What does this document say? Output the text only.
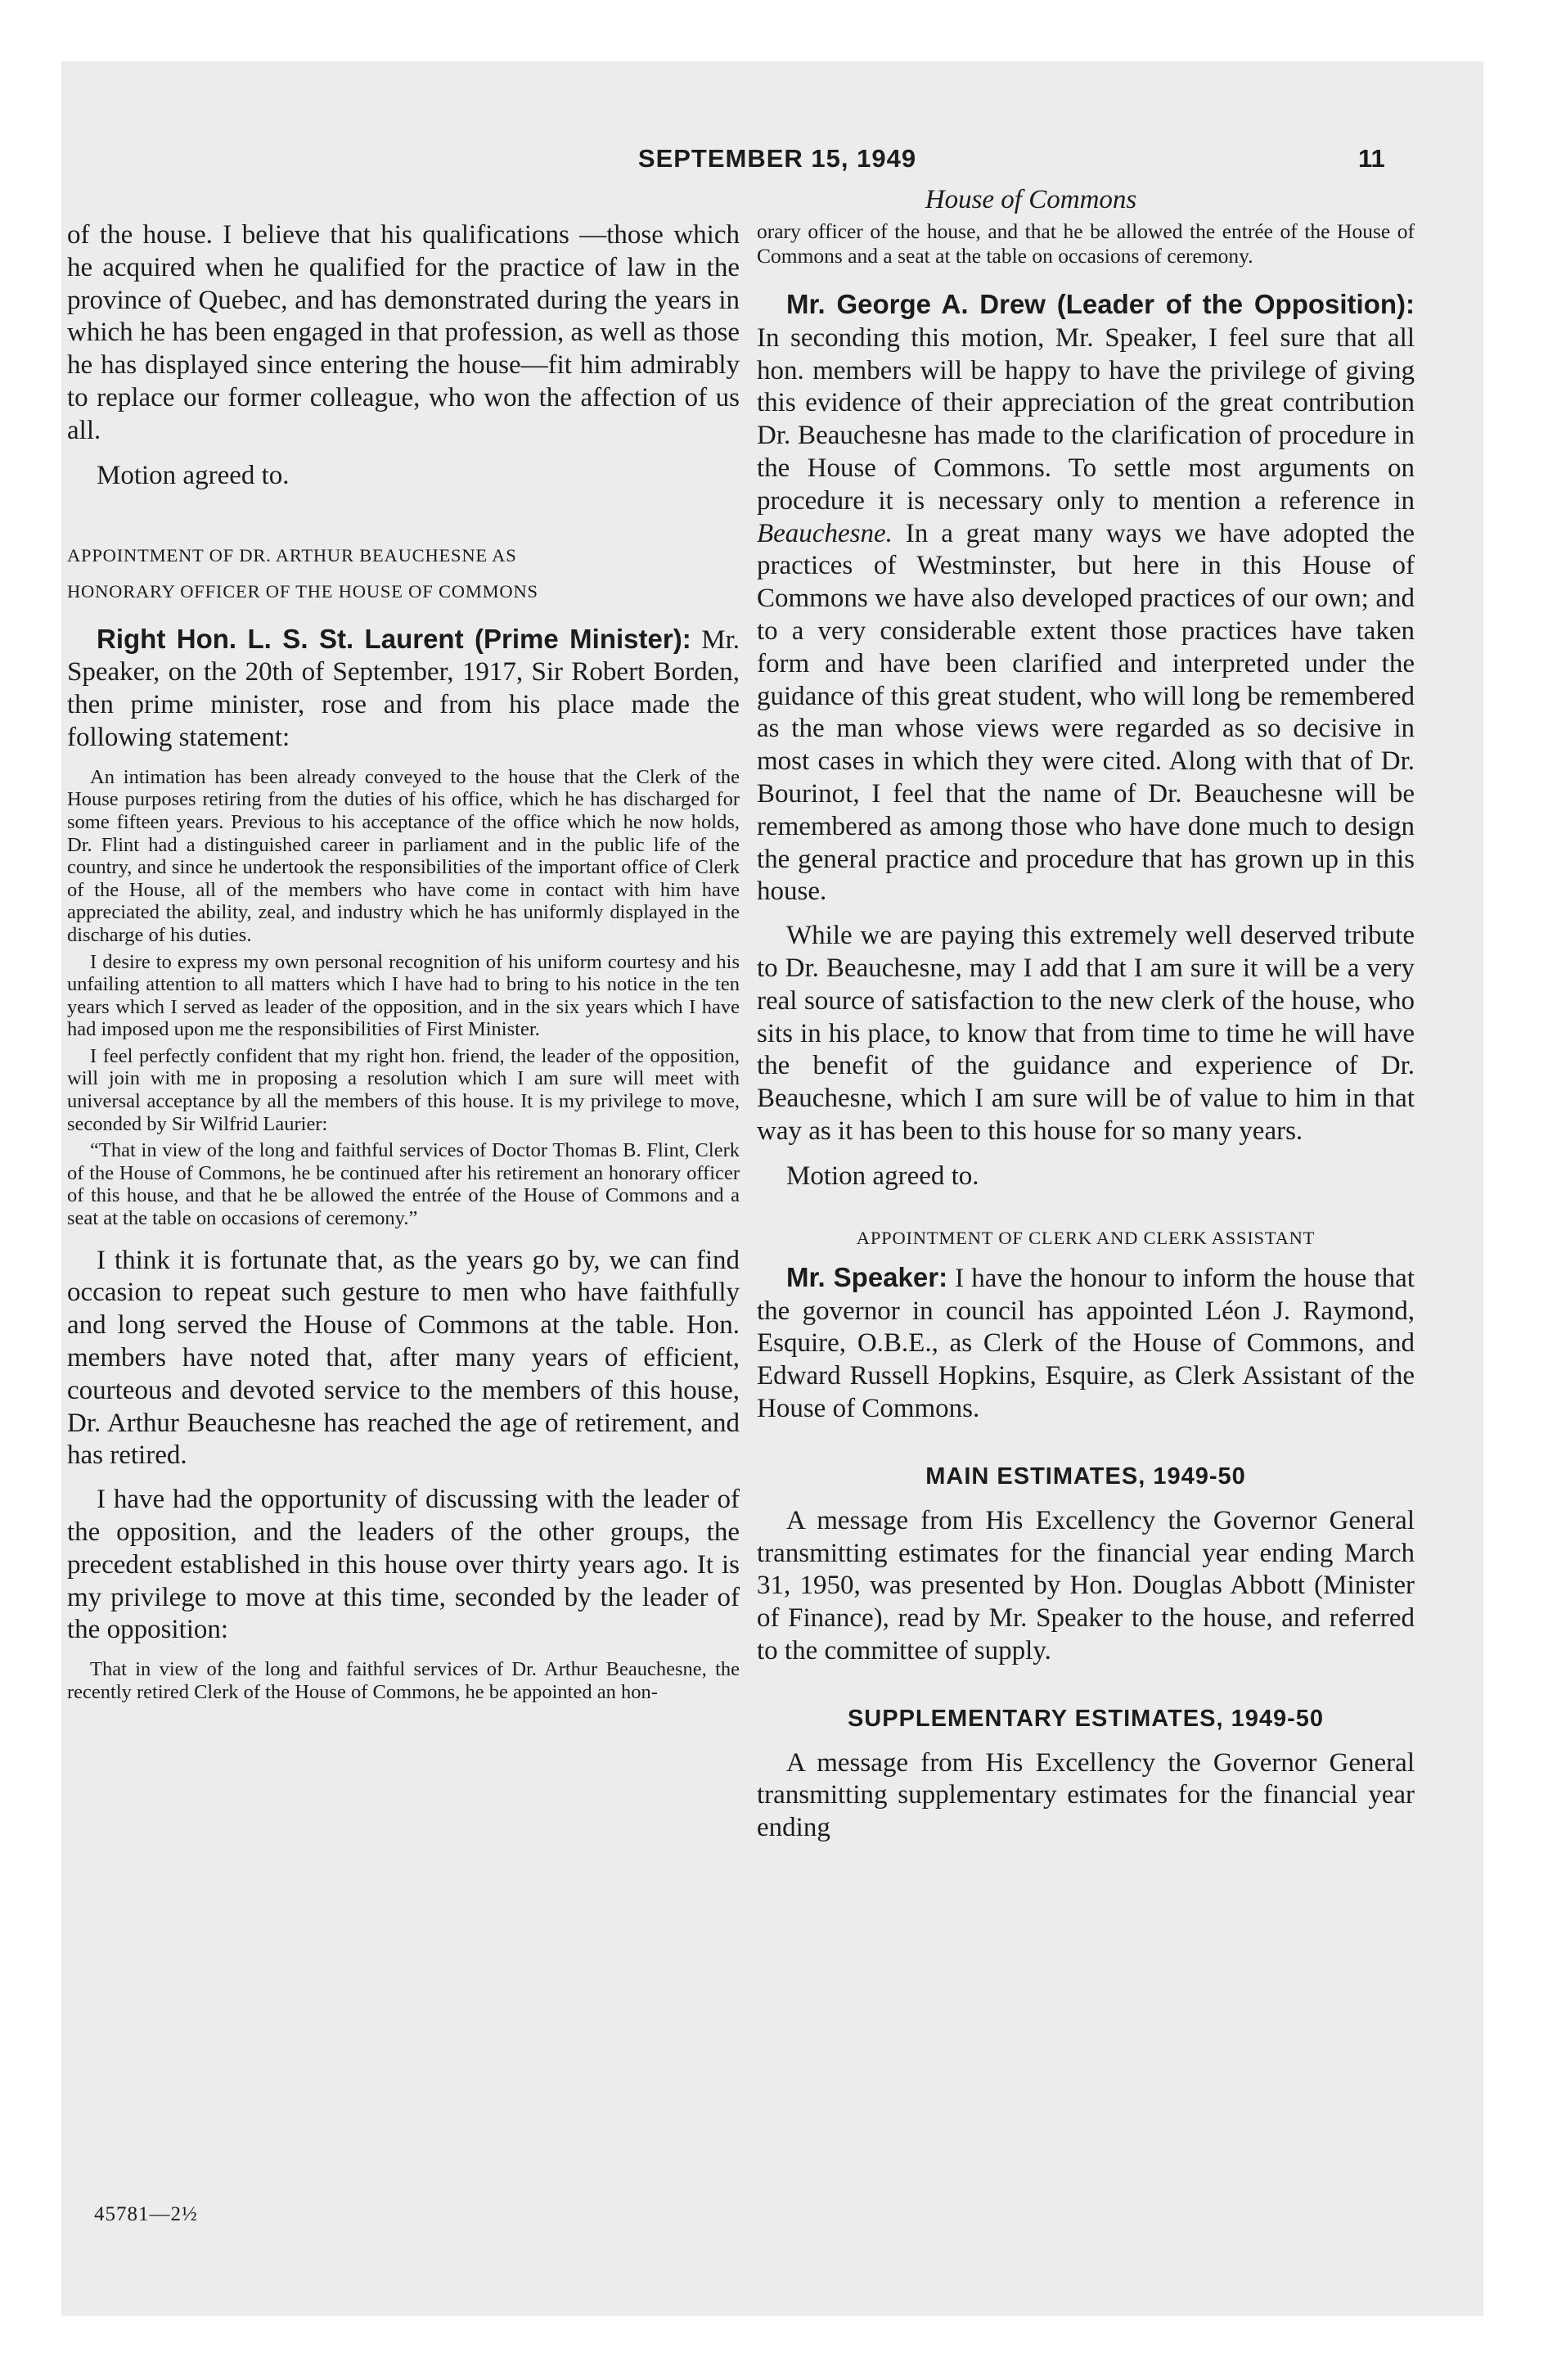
SEPTEMBER 15, 1949	11
House of Commons

of the house. I believe that his qualifications —those which he acquired when he qualified for the practice of law in the province of Quebec, and has demonstrated during the years in which he has been engaged in that profession, as well as those he has displayed since entering the house—fit him admirably to replace our former colleague, who won the affection of us all.

Motion agreed to.

APPOINTMENT OF DR. ARTHUR BEAUCHESNE AS
HONORARY OFFICER OF THE HOUSE OF COMMONS

Right Hon. L. S. St. Laurent (Prime Minister): Mr. Speaker, on the 20th of September, 1917, Sir Robert Borden, then prime minister, rose and from his place made the following statement:

An intimation has been already conveyed to the house that the Clerk of the House purposes retiring from the duties of his office, which he has discharged for some fifteen years. Previous to his acceptance of the office which he now holds, Dr. Flint had a distinguished career in parliament and in the public life of the country, and since he undertook the responsibilities of the important office of Clerk of the House, all of the members who have come in contact with him have appreciated the ability, zeal, and industry which he has uniformly displayed in the discharge of his duties.

I desire to express my own personal recognition of his uniform courtesy and his unfailing attention to all matters which I have had to bring to his notice in the ten years which I served as leader of the opposition, and in the six years which I have had imposed upon me the responsibilities of First Minister.

I feel perfectly confident that my right hon. friend, the leader of the opposition, will join with me in proposing a resolution which I am sure will meet with universal acceptance by all the members of this house. It is my privilege to move, seconded by Sir Wilfrid Laurier:

“That in view of the long and faithful services of Doctor Thomas B. Flint, Clerk of the House of Commons, he be continued after his retirement an honorary officer of this house, and that he be allowed the entrée of the House of Commons and a seat at the table on occasions of ceremony.”

I think it is fortunate that, as the years go by, we can find occasion to repeat such gesture to men who have faithfully and long served the House of Commons at the table. Hon. members have noted that, after many years of efficient, courteous and devoted service to the members of this house, Dr. Arthur Beauchesne has reached the age of retirement, and has retired.

I have had the opportunity of discussing with the leader of the opposition, and the leaders of the other groups, the precedent established in this house over thirty years ago. It is my privilege to move at this time, seconded by the leader of the opposition:

That in view of the long and faithful services of Dr. Arthur Beauchesne, the recently retired Clerk of the House of Commons, he be appointed an hon-

orary officer of the house, and that he be allowed the entrée of the House of Commons and a seat at the table on occasions of ceremony.

Mr. George A. Drew (Leader of the Opposition): In seconding this motion, Mr. Speaker, I feel sure that all hon. members will be happy to have the privilege of giving this evidence of their appreciation of the great contribution Dr. Beauchesne has made to the clarification of procedure in the House of Commons. To settle most arguments on procedure it is necessary only to mention a reference in Beauchesne. In a great many ways we have adopted the practices of Westminster, but here in this House of Commons we have also developed practices of our own; and to a very considerable extent those practices have taken form and have been clarified and interpreted under the guidance of this great student, who will long be remembered as the man whose views were regarded as so decisive in most cases in which they were cited. Along with that of Dr. Bourinot, I feel that the name of Dr. Beauchesne will be remembered as among those who have done much to design the general practice and procedure that has grown up in this house.

While we are paying this extremely well deserved tribute to Dr. Beauchesne, may I add that I am sure it will be a very real source of satisfaction to the new clerk of the house, who sits in his place, to know that from time to time he will have the benefit of the guidance and experience of Dr. Beauchesne, which I am sure will be of value to him in that way as it has been to this house for so many years.

Motion agreed to.

APPOINTMENT OF CLERK AND CLERK ASSISTANT

Mr. Speaker: I have the honour to inform the house that the governor in council has appointed Léon J. Raymond, Esquire, O.B.E., as Clerk of the House of Commons, and Edward Russell Hopkins, Esquire, as Clerk Assistant of the House of Commons.

MAIN ESTIMATES, 1949-50

A message from His Excellency the Governor General transmitting estimates for the financial year ending March 31, 1950, was presented by Hon. Douglas Abbott (Minister of Finance), read by Mr. Speaker to the house, and referred to the committee of supply.

SUPPLEMENTARY ESTIMATES, 1949-50

A message from His Excellency the Governor General transmitting supplementary estimates for the financial year ending

45781—2½
